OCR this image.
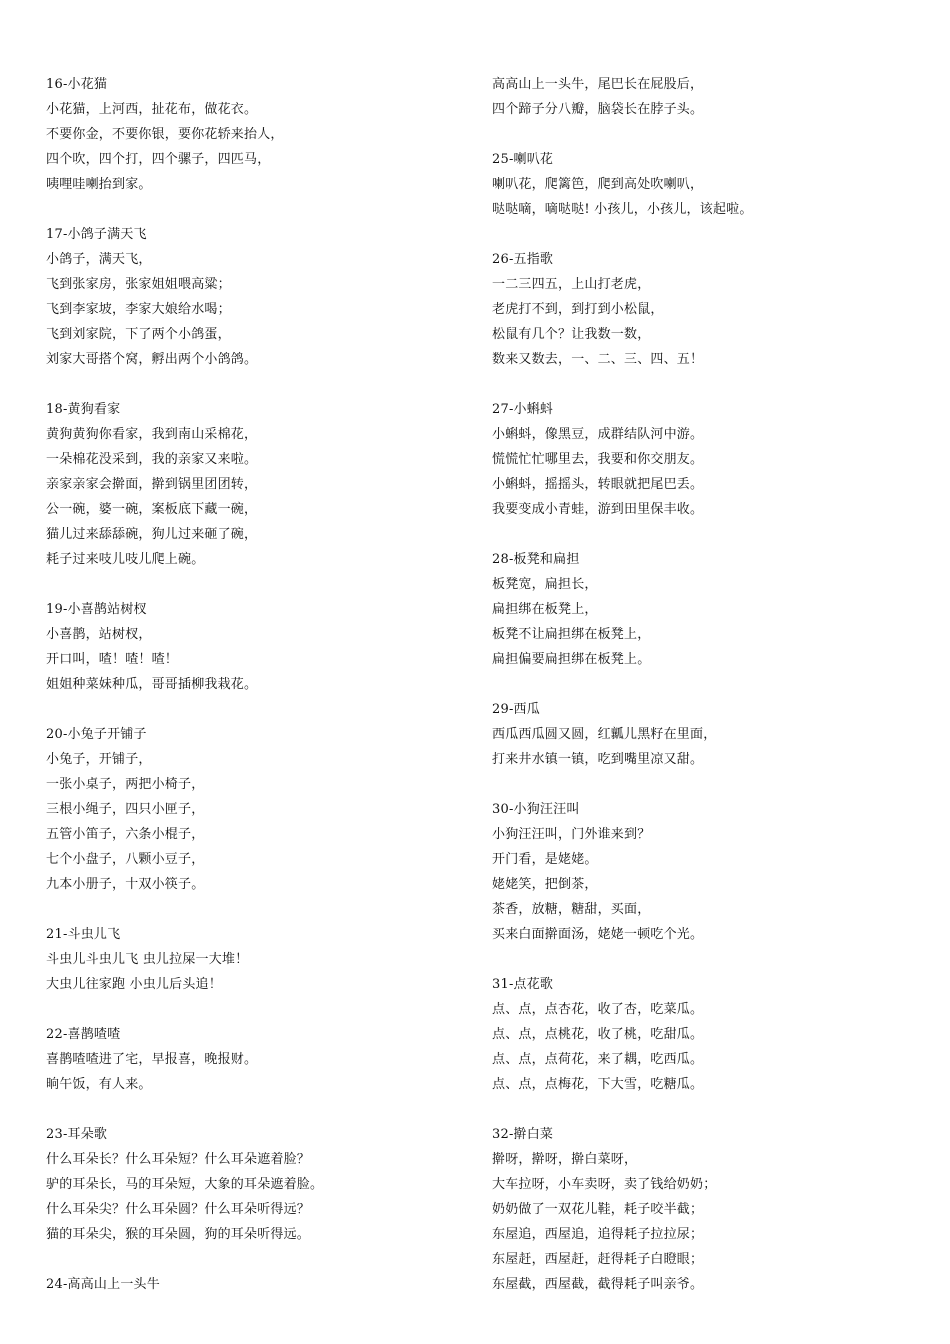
16-小花猫
小花猫，上河西，扯花布，做花衣。
不要你金，不要你银，要你花轿来抬人，
四个吹，四个打，四个骡子，四匹马，
咦哩哇喇抬到家。
17-小鸽子满天飞
小鸽子，满天飞，
飞到张家房，张家姐姐喂高粱；
飞到李家坡，李家大娘给水喝；
飞到刘家院，下了两个小鸽蛋，
刘家大哥搭个窝，孵出两个小鸽鸽。
18-黄狗看家
黄狗黄狗你看家，我到南山采棉花，
一朵棉花没采到，我的亲家又来啦。
亲家亲家会擀面，擀到锅里团团转，
公一碗，婆一碗，案板底下藏一碗，
猫儿过来舔舔碗，狗儿过来砸了碗，
耗子过来吱儿吱儿爬上碗。
19-小喜鹊站树杈
小喜鹊，站树杈，
开口叫，喳！喳！喳！
姐姐种菜妹种瓜，哥哥插柳我栽花。
20-小兔子开铺子
小兔子，开铺子，
一张小桌子，两把小椅子，
三根小绳子，四只小匣子，
五管小笛子，六条小棍子，
七个小盘子，八颗小豆子，
九本小册子，十双小筷子。
21-斗虫儿飞
斗虫儿斗虫儿飞 虫儿拉屎一大堆！
大虫儿往家跑 小虫儿后头追！
22-喜鹊喳喳
喜鹊喳喳进了宅，早报喜，晚报财。
晌午饭，有人来。
23-耳朵歌
什么耳朵长？什么耳朵短？什么耳朵遮着脸？
驴的耳朵长，马的耳朵短，大象的耳朵遮着脸。
什么耳朵尖？什么耳朵圆？什么耳朵听得远？
猫的耳朵尖，猴的耳朵圆，狗的耳朵听得远。
24-高高山上一头牛
高高山上一头牛，尾巴长在屁股后，
四个蹄子分八瓣，脑袋长在脖子头。
25-喇叭花
喇叭花，爬篱笆，爬到高处吹喇叭，
哒哒嘀，嘀哒哒! 小孩儿，小孩儿，该起啦。
26-五指歌
一二三四五，上山打老虎，
老虎打不到，到打到小松鼠，
松鼠有几个？让我数一数，
数来又数去，一、二、三、四、五！
27-小蝌蚪
小蝌蚪，像黑豆，成群结队河中游。
慌慌忙忙哪里去，我要和你交朋友。
小蝌蚪，摇摇头，转眼就把尾巴丢。
我要变成小青蛙，游到田里保丰收。
28-板凳和扁担
板凳宽，扁担长，
扁担绑在板凳上，
板凳不让扁担绑在板凳上，
扁担偏要扁担绑在板凳上。
29-西瓜
西瓜西瓜圆又圆，红瓤儿黑籽在里面，
打来井水镇一镇，吃到嘴里凉又甜。
30-小狗汪汪叫
小狗汪汪叫，门外谁来到？
开门看，是姥姥。
姥姥笑，把倒茶，
茶香，放糖，糖甜，买面，
买来白面擀面汤，姥姥一顿吃个光。
31-点花歌
点、点，点杏花，收了杏，吃菜瓜。
点、点，点桃花，收了桃，吃甜瓜。
点、点，点荷花，来了耦，吃西瓜。
点、点，点梅花，下大雪，吃糖瓜。
32-擀白菜
擀呀，擀呀，擀白菜呀，
大车拉呀，小车卖呀，卖了钱给奶奶；
奶奶做了一双花儿鞋，耗子咬半截；
东屋追，西屋追，追得耗子拉拉尿；
东屋赶，西屋赶，赶得耗子白瞪眼；
东屋截，西屋截，截得耗子叫亲爷。
